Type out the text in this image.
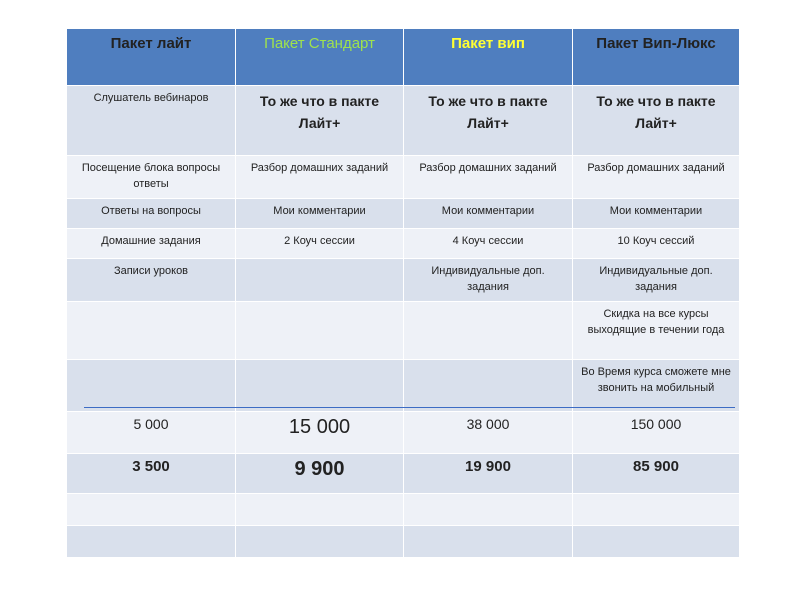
Пакет лайт	Пакет Стандарт	Пакет вип	Пакет Вип-Люкс
Слушатель вебинаров	То же что в пакте Лайт+	То же что в пакте Лайт+	То же что в пакте Лайт+
Посещение блока вопросы ответы	Разбор домашних заданий	Разбор домашних заданий	Разбор домашних заданий
Ответы на вопросы	Мои комментарии	Мои комментарии	Мои комментарии
Домашние задания	2 Коуч сессии	4 Коуч сессии	10 Коуч сессий
Записи уроков		Индивидуальные доп. задания	Индивидуальные доп. задания
			Скидка на все курсы выходящие в течении года
			Во Время курса сможете мне звонить на мобильный
5 000	15 000	38 000	150 000
3 500	9 900	19 900	85 900
